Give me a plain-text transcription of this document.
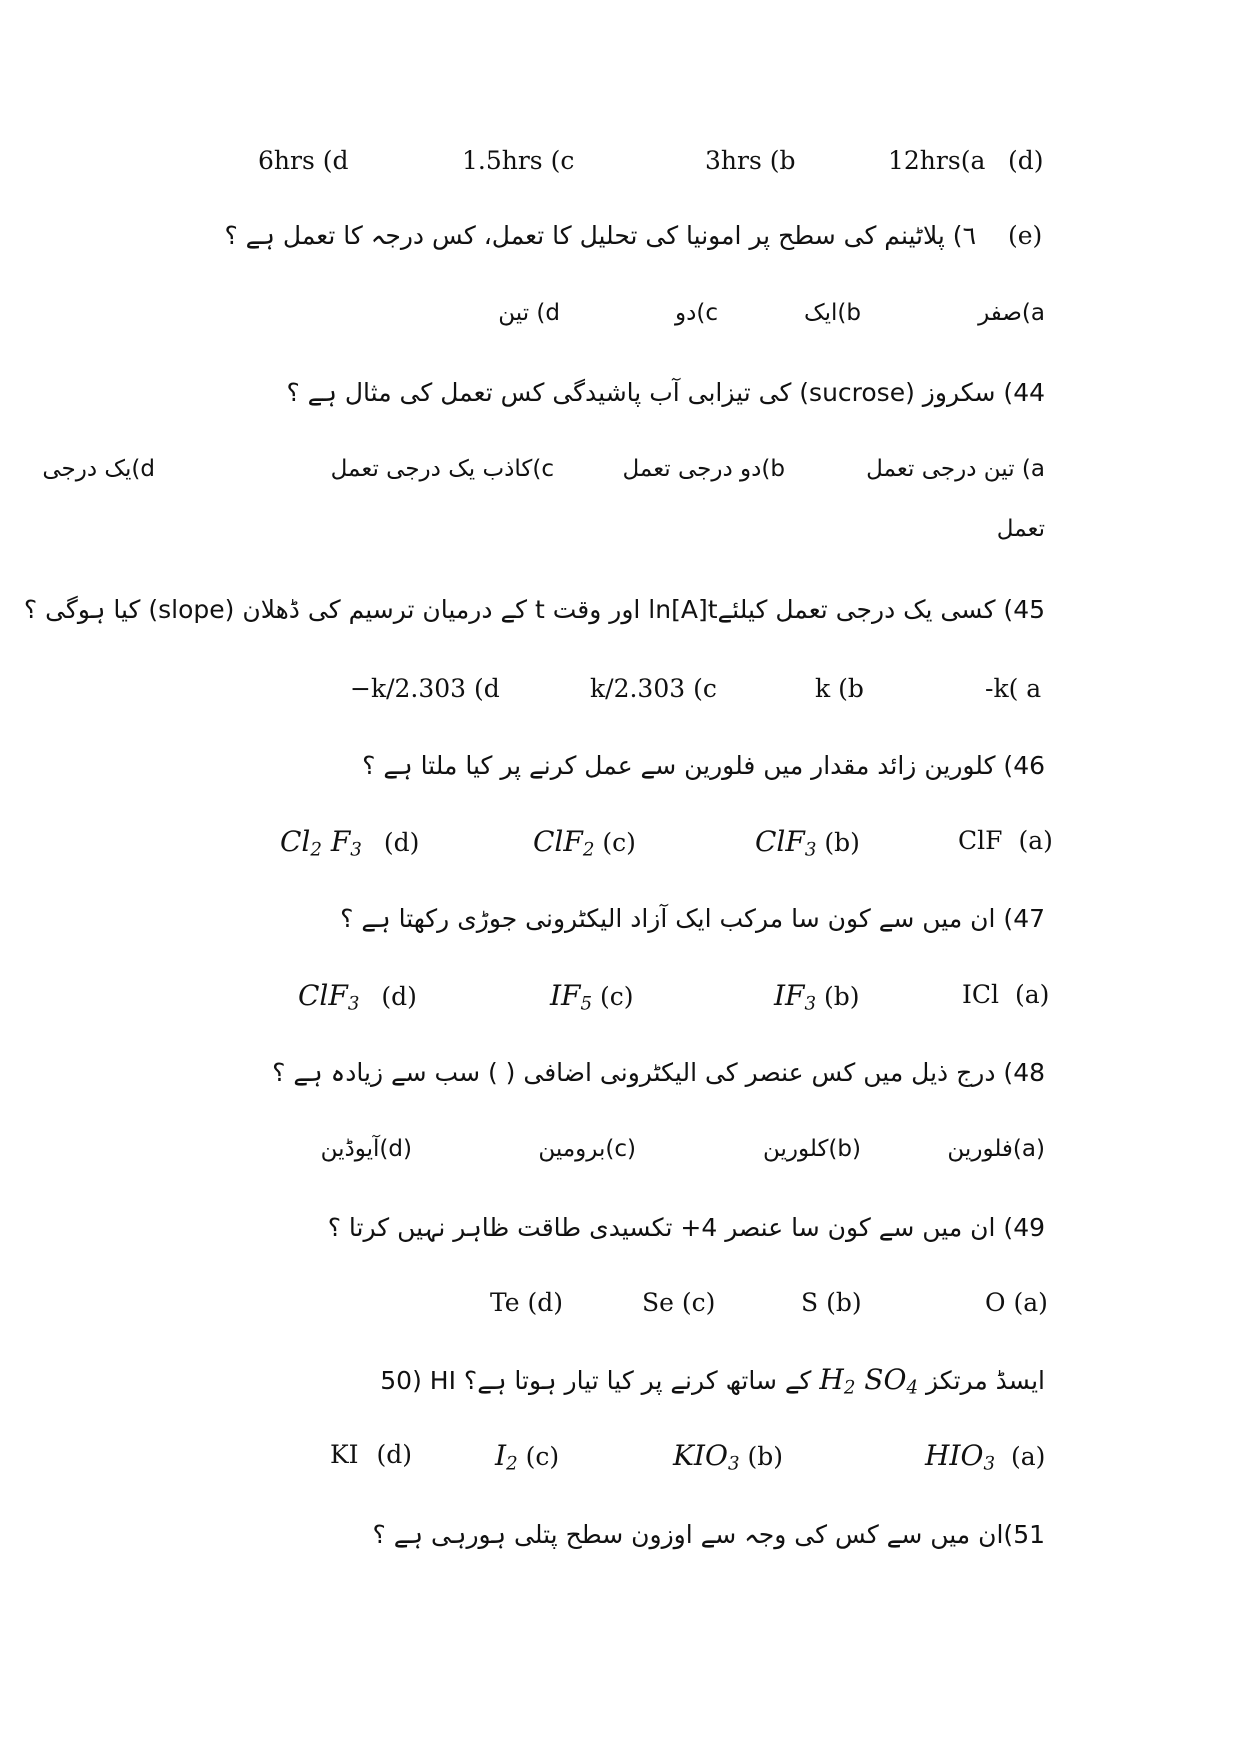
6hrs (d	1.5hrs (c	3hrs (b	12hrs(a (d)
٦) پلاٹینم کی سطح پر امونیا کی تحلیل کا تعمل، کس درجہ کا تعمل ہے ؟ (e)
d) تین	c)دو	b)ایک	a)صفر
44) سکروز (sucrose) کی تیزابی آب پاشیدگی کس تعمل کی مثال ہے ؟
d)یک درجی	c)کاذب یک درجی تعمل	b)دو درجی تعمل	a) تین درجی تعمل
تعمل
45) کسی یک درجی تعمل کیلئےln[A]t اور وقت t کے درمیان ترسیم کی ڈھلان (slope) کیا ہوگی ؟
−k/2.303 (d	k/2.303 (c	k (b	-k( a
46) کلورین زائد مقدار میں فلورین سے عمل کرنے پر کیا ملتا ہے ؟
$Cl_2$ $F_3$ (d)	ClF$_2$ (c)	ClF$_3$ (b)	ClF (a)
47) ان میں سے کون سا مرکب ایک آزاد الیکٹرونی جوڑی رکھتا ہے ؟
ClF$_3$ (d)	$IF_5$ (c)	$IF_3$ (b)	ICl (a)
48) درج ذیل میں کس عنصر کی الیکٹرونی اضافی ( ) سب سے زیادہ ہے ؟
(d)آیوڈین	(c)برومین	(b)کلورین	(a)فلورین
49) ان میں سے کون سا عنصر 4+ تکسیدی طاقت ظاہر نہیں کرتا ؟
Te (d)	Se (c)	S (b)	O (a)
50) HI ایسڈ مرتکز $H_2$ $SO_4$ کے ساتھ کرنے پر کیا تیار ہوتا ہے؟
KI (d)	$I_2$ (c)	$KIO_3$ (b)	$HIO_3$ (a)
51)ان میں سے کس کی وجہ سے اوزون سطح پتلی ہورہی ہے ؟
